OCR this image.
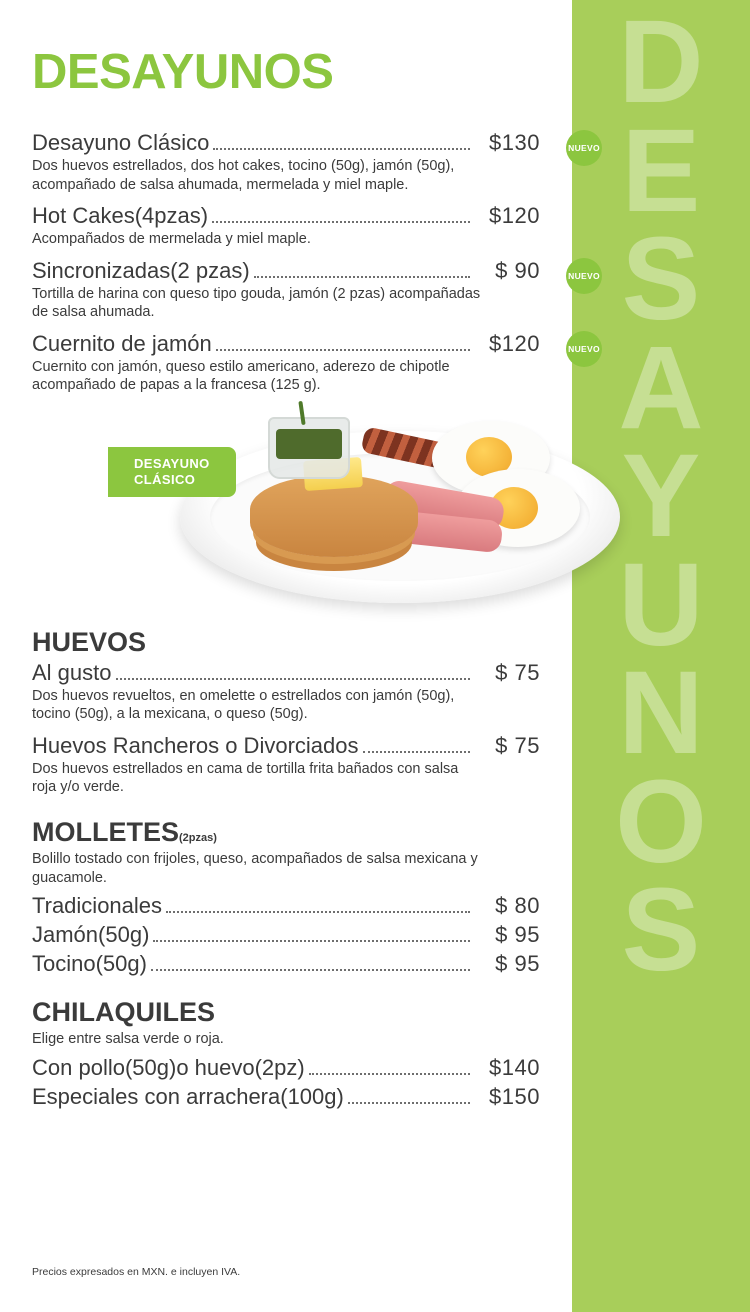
D
E
S
A
Y
U
N
O
S
DESAYUNOS
Desayuno Clásico	$130	NUEVO
Dos huevos estrellados, dos hot cakes, tocino (50g), jamón (50g), acompañado de salsa ahumada, mermelada y miel maple.
Hot Cakes (4pzas)	$120
Acompañados de mermelada y miel maple.
Sincronizadas (2 pzas)	$ 90	NUEVO
Tortilla de harina con queso tipo gouda, jamón (2 pzas) acompañadas de salsa ahumada.
Cuernito de jamón	$120	NUEVO
Cuernito con jamón, queso estilo americano, aderezo de chipotle acompañado de papas a la francesa (125 g).
DESAYUNO
CLÁSICO
HUEVOS
Al gusto	$ 75
Dos huevos revueltos, en omelette o estrellados con jamón (50g), tocino (50g), a la mexicana, o queso (50g).
Huevos Rancheros o Divorciados	$ 75
Dos huevos estrellados en cama de tortilla frita bañados con salsa roja y/o verde.
MOLLETES(2pzas)
Bolillo tostado con frijoles, queso, acompañados de salsa mexicana y guacamole.
Tradicionales	$ 80
Jamón (50g)	$ 95
Tocino (50g)	$ 95
CHILAQUILES
Elige entre salsa verde o roja.
Con pollo (50g) o huevo (2pz)	$140
Especiales con arrachera (100g)	$150
Precios expresados en MXN. e incluyen IVA.
